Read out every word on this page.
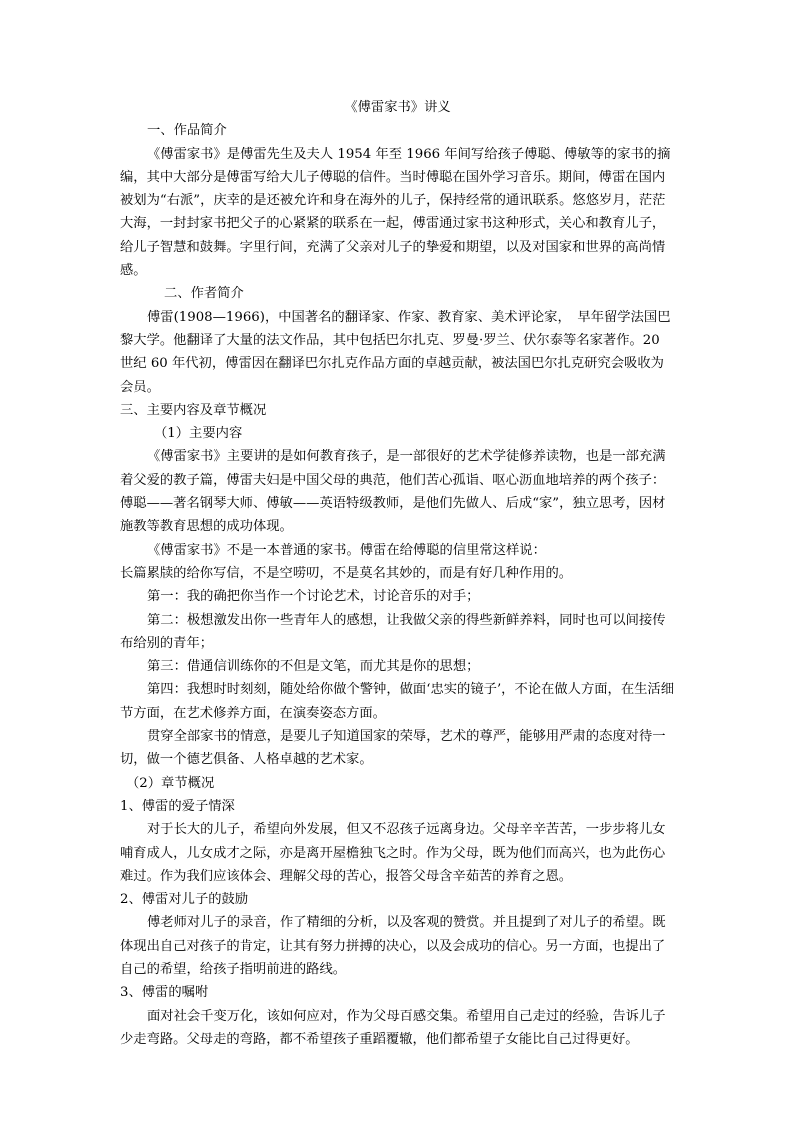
《傅雷家书》讲义

一、作品简介

《傅雷家书》是傅雷先生及夫人 1954 年至 1966 年间写给孩子傅聪、傅敏等的家书的摘编，其中大部分是傅雷写给大儿子傅聪的信件。当时傅聪在国外学习音乐。期间，傅雷在国内被划为“右派”，庆幸的是还被允许和身在海外的儿子，保持经常的通讯联系。悠悠岁月，茫茫大海，一封封家书把父子的心紧紧的联系在一起，傅雷通过家书这种形式，关心和教育儿子，给儿子智慧和鼓舞。字里行间，充满了父亲对儿子的挚爱和期望，以及对国家和世界的高尚情感。

二、作者简介

傅雷(1908—1966)，中国著名的翻译家、作家、教育家、美术评论家，　早年留学法国巴黎大学。他翻译了大量的法文作品，其中包括巴尔扎克、罗曼·罗兰、伏尔泰等名家著作。20 世纪 60 年代初，傅雷因在翻译巴尔扎克作品方面的卓越贡献，被法国巴尔扎克研究会吸收为会员。

三、主要内容及章节概况

（1）主要内容

《傅雷家书》主要讲的是如何教育孩子，是一部很好的艺术学徒修养读物，也是一部充满着父爱的教子篇，傅雷夫妇是中国父母的典范，他们苦心孤诣、呕心沥血地培养的两个孩子：傅聪——著名钢琴大师、傅敏——英语特级教师，是他们先做人、后成“家”，独立思考，因材施教等教育思想的成功体现。

《傅雷家书》不是一本普通的家书。傅雷在给傅聪的信里常这样说：

长篇累牍的给你写信，不是空唠叨，不是莫名其妙的，而是有好几种作用的。

第一：我的确把你当作一个讨论艺术，讨论音乐的对手；

第二：极想激发出你一些青年人的感想，让我做父亲的得些新鲜养料，同时也可以间接传布给别的青年；

第三：借通信训练你的不但是文笔，而尤其是你的思想；

第四：我想时时刻刻，随处给你做个警钟，做面‘忠实的镜子’，不论在做人方面，在生活细节方面，在艺术修养方面，在演奏姿态方面。

贯穿全部家书的情意，是要儿子知道国家的荣辱，艺术的尊严，能够用严肃的态度对待一切，做一个德艺俱备、人格卓越的艺术家。

（2）章节概况

1、傅雷的爱子情深

对于长大的儿子，希望向外发展，但又不忍孩子远离身边。父母辛辛苦苦，一步步将儿女哺育成人，儿女成才之际，亦是离开屋檐独飞之时。作为父母，既为他们而高兴，也为此伤心难过。作为我们应该体会、理解父母的苦心，报答父母含辛茹苦的养育之恩。

2、傅雷对儿子的鼓励

傅老师对儿子的录音，作了精细的分析，以及客观的赞赏。并且提到了对儿子的希望。既体现出自己对孩子的肯定，让其有努力拼搏的决心，以及会成功的信心。另一方面，也提出了自己的希望，给孩子指明前进的路线。

3、傅雷的嘱咐

面对社会千变万化，该如何应对，作为父母百感交集。希望用自己走过的经验，告诉儿子少走弯路。父母走的弯路，都不希望孩子重蹈覆辙，他们都希望子女能比自己过得更好。
